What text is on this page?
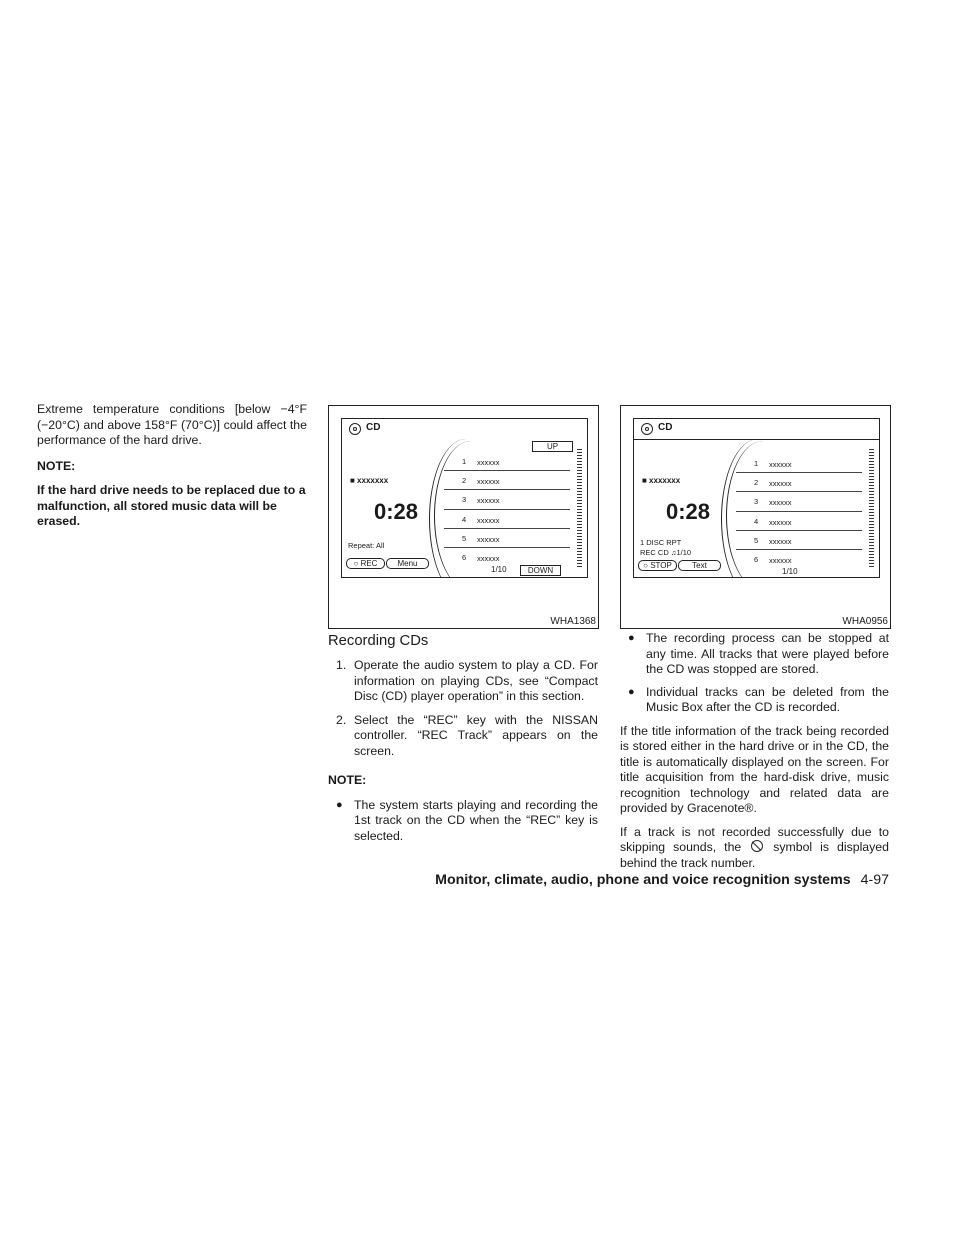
Extreme temperature conditions [below −4°F (−20°C) and above 158°F (70°C)] could affect the performance of the hard drive.

NOTE:

If the hard drive needs to be replaced due to a malfunction, all stored music data will be erased.

CD
■ xxxxxxx
0:28
Repeat: All
○ REC	Menu
UP
1 xxxxxx
2 xxxxxx
3 xxxxxx
4 xxxxxx
5 xxxxxx
6 xxxxxx
1/10	DOWN
WHA1368
CD
■ xxxxxxx
0:28
1 DISC RPT
REC CD ♫1/10
○ STOP	Text
1 xxxxxx
2 xxxxxx
3 xxxxxx
4 xxxxxx
5 xxxxxx
6 xxxxxx
1/10
WHA0956
Recording CDs
1. Operate the audio system to play a CD. For information on playing CDs, see “Compact Disc (CD) player operation” in this section.

2. Select the “REC” key with the NISSAN controller. “REC Track” appears on the screen.

NOTE:

● The system starts playing and recording the 1st track on the CD when the “REC” key is selected.

● The recording process can be stopped at any time. All tracks that were played before the CD was stopped are stored.

● Individual tracks can be deleted from the Music Box after the CD is recorded.

If the title information of the track being recorded is stored either in the hard drive or in the CD, the title is automatically displayed on the screen. For title acquisition from the hard-disk drive, music recognition technology and related data are provided by Gracenote®.

If a track is not recorded successfully due to skipping sounds, the	symbol is displayed behind the track number.

Monitor, climate, audio, phone and voice recognition systems 4-97
